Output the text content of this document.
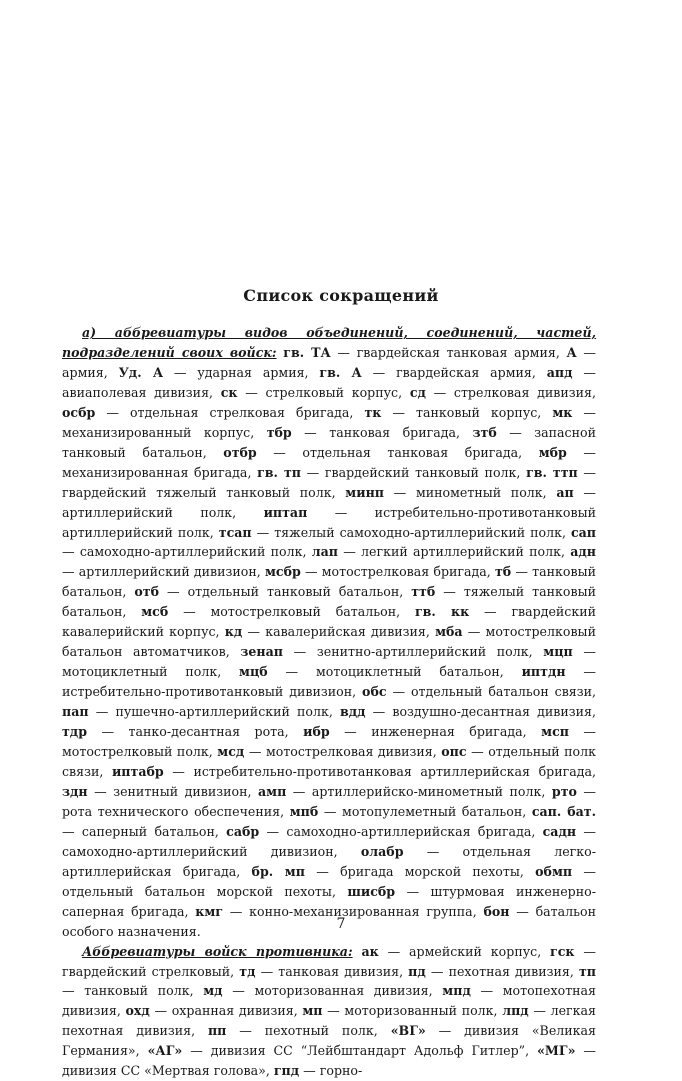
Список сокращений

а) аббревиатуры видов объединений, соединений, частей, подразделений своих войск: гв. ТА — гвардейская танковая армия, А — армия, Уд. А — ударная армия, гв. А — гвардейская армия, апд — авиаполевая дивизия, ск — стрелковый корпус, сд — стрелковая дивизия, осбр — отдельная стрелковая бригада, тк — танковый корпус, мк — механизированный корпус, тбр — танковая бригада, зтб — запасной танковый батальон, отбр — отдельная танковая бригада, мбр — механизированная бригада, гв. тп — гвардейский танковый полк, гв. ттп — гвардейский тяжелый танковый полк, минп — минометный полк, ап — артиллерийский полк, иптап — истребительно-противотанковый артиллерийский полк, тсап — тяжелый самоходно-артиллерийский полк, сап — самоходно-артиллерийский полк, лап — легкий артиллерийский полк, адн — артиллерийский дивизион, мсбр — мотострелковая бригада, тб — танковый батальон, отб — отдельный танковый батальон, ттб — тяжелый танковый батальон, мсб — мотострелковый батальон, гв. кк — гвардейский кавалерийский корпус, кд — кавалерийская дивизия, мба — мотострелковый батальон автоматчиков, зенап — зенитно-артиллерийский полк, мцп — мотоциклетный полк, мцб — мотоциклетный батальон, иптдн — истребительно-противотанковый дивизион, обс — отдельный батальон связи, пап — пушечно-артиллерийский полк, вдд — воздушно-десантная дивизия, тдр — танко-десантная рота, ибр — инженерная бригада, мсп — мотострелковый полк, мсд — мотострелковая дивизия, опс — отдельный полк связи, иптабр — истребительно-противотанковая артиллерийская бригада, здн — зенитный дивизион, амп — артиллерийско-минометный полк, рто — рота технического обеспечения, мпб — мотопулеметный батальон, сап. бат. — саперный батальон, сабр — самоходно-артиллерийская бригада, садн — самоходно-артиллерийский дивизион, олабр — отдельная легко-артиллерийская бригада, бр. мп — бригада морской пехоты, обмп — отдельный батальон морской пехоты, шисбр — штурмовая инженерно-саперная бригада, кмг — конно-механизированная группа, бон — батальон особого назначения.

Аббревиатуры войск противника: ак — армейский корпус, гск — гвардейский стрелковый, тд — танковая дивизия, пд — пехотная дивизия, тп — танковый полк, мд — моторизованная дивизия, мпд — мотопехотная дивизия, охд — охранная дивизия, мп — моторизованный полк, лпд — легкая пехотная дивизия, пп — пехотный полк, «ВГ» — дивизия «Великая Германия», «АГ» — дивизия СС “Лейбштандарт Адольф Гитлер”, «МГ» — дивизия СС «Мертвая голова», гпд — горно-

7
